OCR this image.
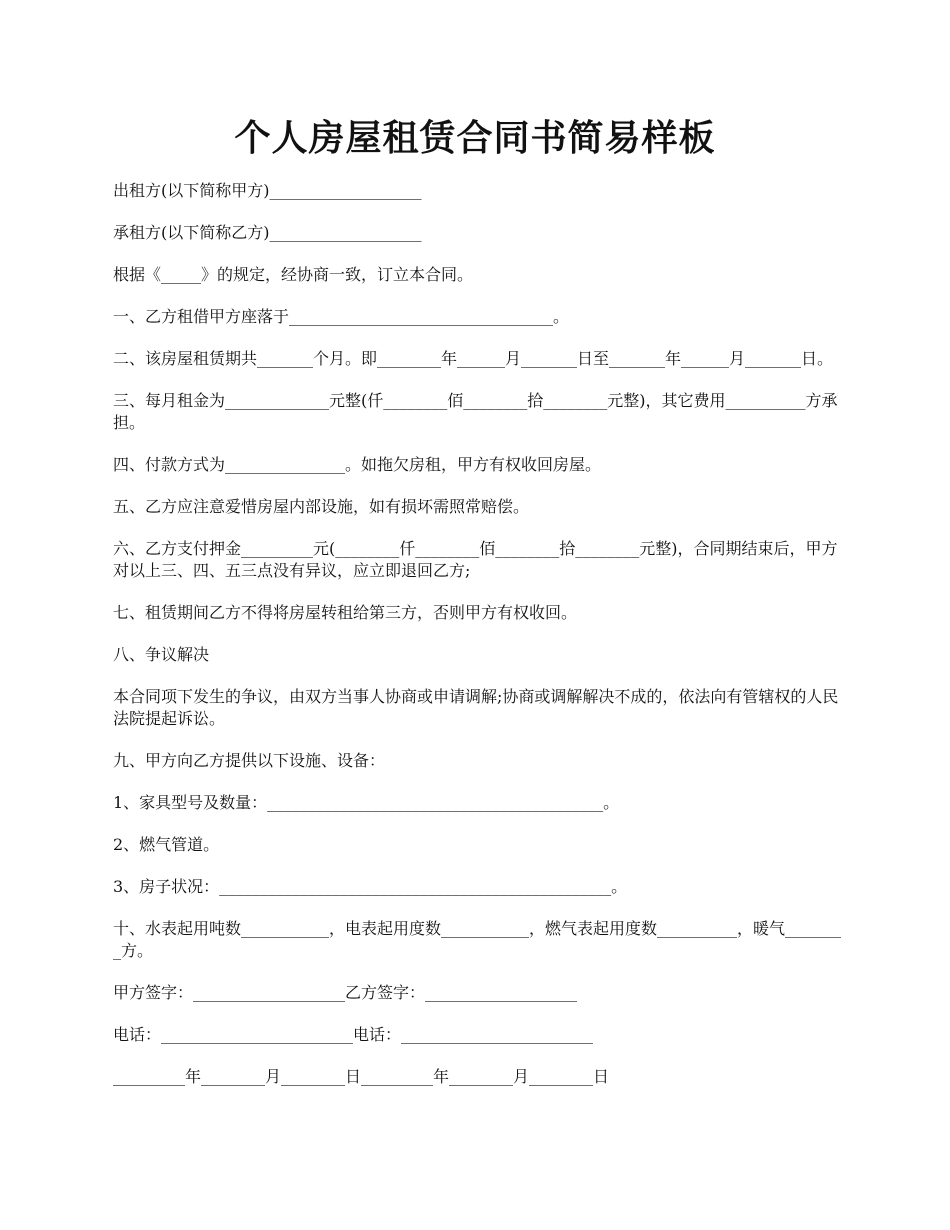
个人房屋租赁合同书简易样板

出租方(以下简称甲方)___________________

承租方(以下简称乙方)___________________

根据《_____》的规定，经协商一致，订立本合同。

一、乙方租借甲方座落于_________________________________。

二、该房屋租赁期共_______个月。即________年______月_______日至_______年______月_______日。

三、每月租金为_____________元整(仟________佰________拾________元整)，其它费用__________方承担。

四、付款方式为_______________。如拖欠房租，甲方有权收回房屋。

五、乙方应注意爱惜房屋内部设施，如有损坏需照常赔偿。

六、乙方支付押金_________元(________仟________佰________拾________元整)，合同期结束后，甲方对以上三、四、五三点没有异议，应立即退回乙方;

七、租赁期间乙方不得将房屋转租给第三方，否则甲方有权收回。

八、争议解决

本合同项下发生的争议，由双方当事人协商或申请调解;协商或调解解决不成的，依法向有管辖权的人民法院提起诉讼。

九、甲方向乙方提供以下设施、设备：

1、家具型号及数量：__________________________________________。

2、燃气管道。

3、房子状况：_________________________________________________。

十、水表起用吨数___________，电表起用度数___________，燃气表起用度数__________，暖气________方。

甲方签字：___________________乙方签字：___________________

电话：________________________电话：________________________

_________年________月________日_________年________月________日
